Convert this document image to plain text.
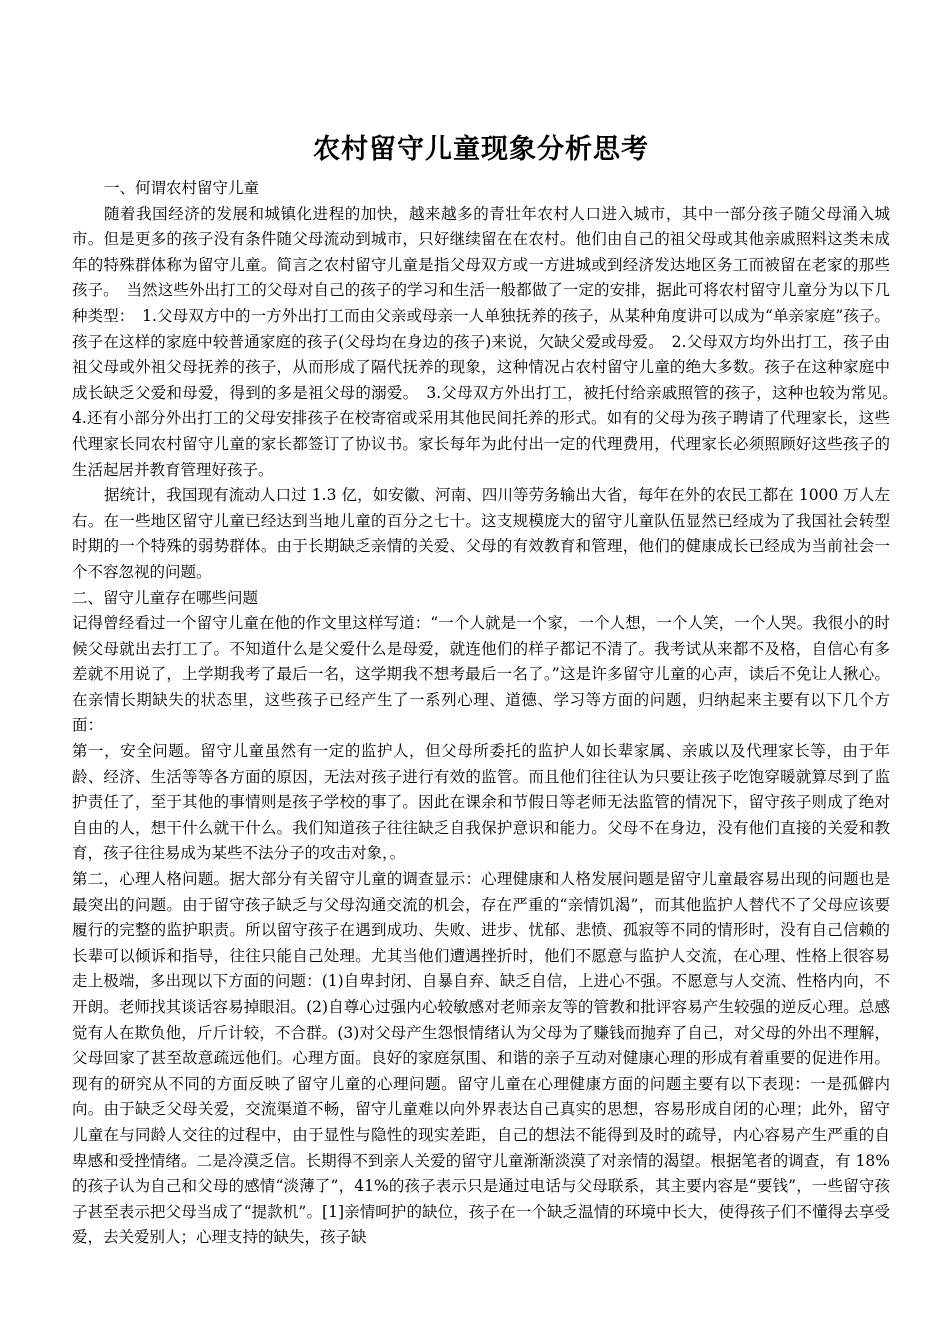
农村留守儿童现象分析思考

一、何谓农村留守儿童

随着我国经济的发展和城镇化进程的加快，越来越多的青壮年农村人口进入城市，其中一部分孩子随父母涌入城市。但是更多的孩子没有条件随父母流动到城市，只好继续留在在农村。他们由自己的祖父母或其他亲戚照料这类未成年的特殊群体称为留守儿童。简言之农村留守儿童是指父母双方或一方进城或到经济发达地区务工而被留在老家的那些孩子。　当然这些外出打工的父母对自己的孩子的学习和生活一般都做了一定的安排，据此可将农村留守儿童分为以下几种类型：　1.父母双方中的一方外出打工而由父亲或母亲一人单独抚养的孩子，从某种角度讲可以成为“单亲家庭”孩子。孩子在这样的家庭中较普通家庭的孩子(父母均在身边的孩子)来说，欠缺父爱或母爱。　2.父母双方均外出打工，孩子由祖父母或外祖父母抚养的孩子，从而形成了隔代抚养的现象，这种情况占农村留守儿童的绝大多数。孩子在这种家庭中成长缺乏父爱和母爱，得到的多是祖父母的溺爱。　3.父母双方外出打工，被托付给亲戚照管的孩子，这种也较为常见。　4.还有小部分外出打工的父母安排孩子在校寄宿或采用其他民间托养的形式。如有的父母为孩子聘请了代理家长，这些代理家长同农村留守儿童的家长都签订了协议书。家长每年为此付出一定的代理费用，代理家长必须照顾好这些孩子的生活起居并教育管理好孩子。

据统计，我国现有流动人口过 1.3 亿，如安徽、河南、四川等劳务输出大省，每年在外的农民工都在 1000 万人左右。在一些地区留守儿童已经达到当地儿童的百分之七十。这支规模庞大的留守儿童队伍显然已经成为了我国社会转型时期的一个特殊的弱势群体。由于长期缺乏亲情的关爱、父母的有效教育和管理，他们的健康成长已经成为当前社会一个不容忽视的问题。

二、留守儿童存在哪些问题

记得曾经看过一个留守儿童在他的作文里这样写道：“一个人就是一个家，一个人想，一个人笑，一个人哭。我很小的时候父母就出去打工了。不知道什么是父爱什么是母爱，就连他们的样子都记不清了。我考试从来都不及格，自信心有多差就不用说了，上学期我考了最后一名，这学期我不想考最后一名了。”这是许多留守儿童的心声，读后不免让人揪心。在亲情长期缺失的状态里，这些孩子已经产生了一系列心理、道德、学习等方面的问题，归纳起来主要有以下几个方面：

第一，安全问题。留守儿童虽然有一定的监护人，但父母所委托的监护人如长辈家属、亲戚以及代理家长等，由于年龄、经济、生活等等各方面的原因，无法对孩子进行有效的监管。而且他们往往认为只要让孩子吃饱穿暖就算尽到了监护责任了，至于其他的事情则是孩子学校的事了。因此在课余和节假日等老师无法监管的情况下，留守孩子则成了绝对自由的人，想干什么就干什么。我们知道孩子往往缺乏自我保护意识和能力。父母不在身边，没有他们直接的关爱和教育，孩子往往易成为某些不法分子的攻击对象，。

第二，心理人格问题。据大部分有关留守儿童的调查显示：心理健康和人格发展问题是留守儿童最容易出现的问题也是最突出的问题。由于留守孩子缺乏与父母沟通交流的机会，存在严重的“亲情饥渴”，而其他监护人替代不了父母应该要履行的完整的监护职责。所以留守孩子在遇到成功、失败、进步、忧郁、悲愤、孤寂等不同的情形时，没有自己信赖的长辈可以倾诉和指导，往往只能自己处理。尤其当他们遭遇挫折时，他们不愿意与监护人交流，在心理、性格上很容易走上极端，多出现以下方面的问题：(1)自卑封闭、自暴自弃、缺乏自信，上进心不强。不愿意与人交流、性格内向，不开朗。老师找其谈话容易掉眼泪。(2)自尊心过强内心较敏感对老师亲友等的管教和批评容易产生较强的逆反心理。总感觉有人在欺负他，斤斤计较，不合群。(3)对父母产生怨恨情绪认为父母为了赚钱而抛弃了自己，对父母的外出不理解，父母回家了甚至故意疏远他们。心理方面。良好的家庭氛围、和谐的亲子互动对健康心理的形成有着重要的促进作用。现有的研究从不同的方面反映了留守儿童的心理问题。留守儿童在心理健康方面的问题主要有以下表现：一是孤僻内向。由于缺乏父母关爱，交流渠道不畅，留守儿童难以向外界表达自己真实的思想，容易形成自闭的心理；此外，留守儿童在与同龄人交往的过程中，由于显性与隐性的现实差距，自己的想法不能得到及时的疏导，内心容易产生严重的自卑感和受挫情绪。二是冷漠乏信。长期得不到亲人关爱的留守儿童渐渐淡漠了对亲情的渴望。根据笔者的调查，有 18%的孩子认为自己和父母的感情“淡薄了”，41%的孩子表示只是通过电话与父母联系，其主要内容是“要钱”，一些留守孩子甚至表示把父母当成了“提款机”。[1]亲情呵护的缺位，孩子在一个缺乏温情的环境中长大，使得孩子们不懂得去享受爱，去关爱别人；心理支持的缺失，孩子缺
